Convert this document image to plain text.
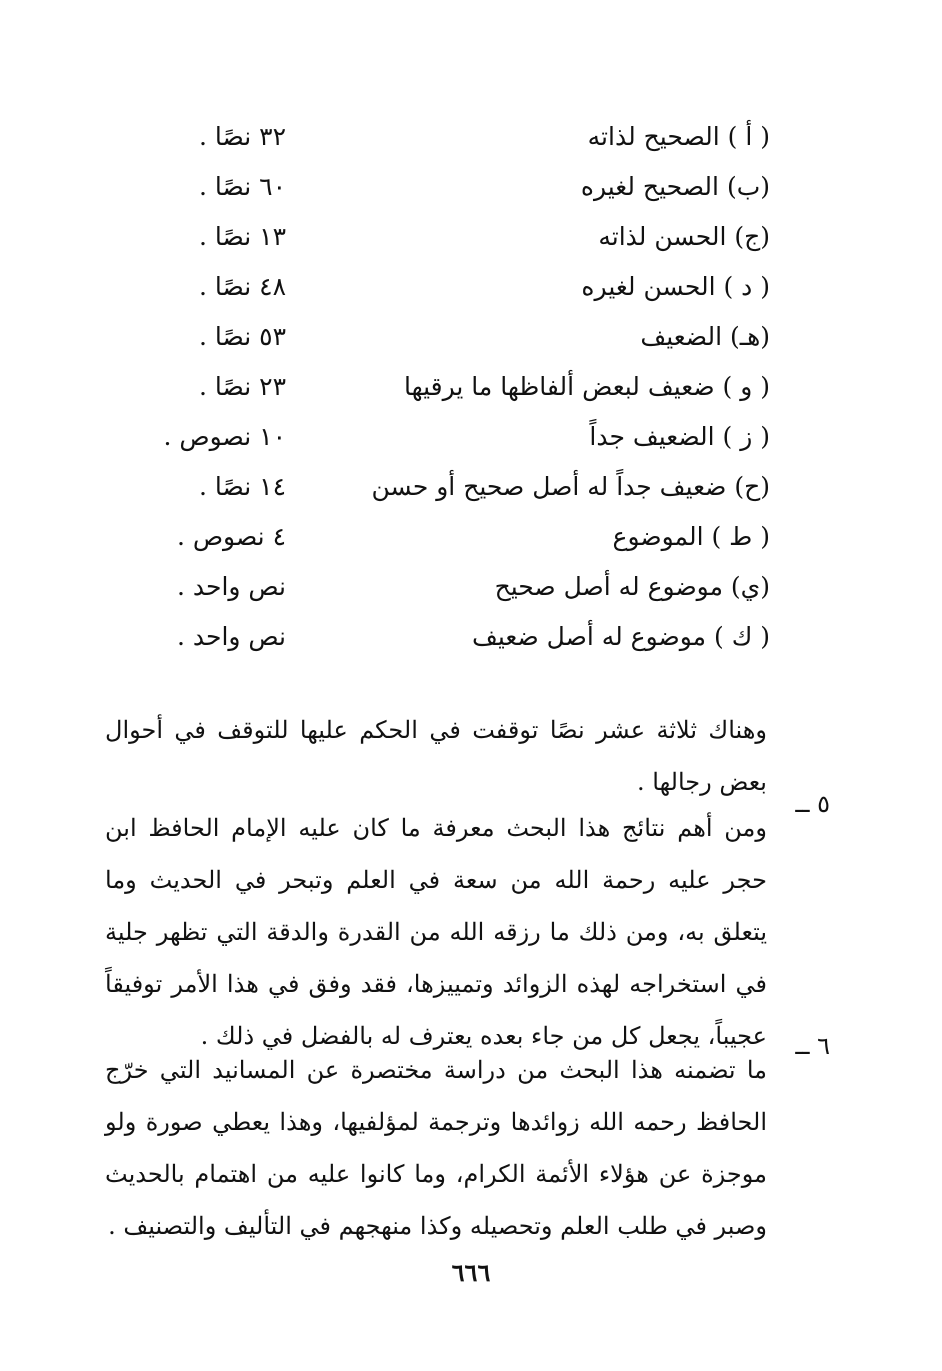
( أ ) الصحيح لذاته
٣٢ نصًا .
(ب) الصحيح لغيره
٦٠ نصًا .
(ج) الحسن لذاته
١٣ نصًا .
( د ) الحسن لغيره
٤٨ نصًا .
(هـ) الضعيف
٥٣ نصًا .
( و ) ضعيف لبعض ألفاظها ما يرقيها
٢٣ نصًا .
( ز ) الضعيف جداً
١٠ نصوص .
(ح) ضعيف جداً له أصل صحيح أو حسن
١٤ نصًا .
( ط ) الموضوع
٤ نصوص .
(ي) موضوع له أصل صحيح
نص واحد .
( ك ) موضوع له أصل ضعيف
نص واحد .

وهناك ثلاثة عشر نصًا توقفت في الحكم عليها للتوقف في أحوال بعض رجالها .

٥ ــ

ومن أهم نتائج هذا البحث معرفة ما كان عليه الإمام الحافظ ابن حجر عليه رحمة الله من سعة في العلم وتبحر في الحديث وما يتعلق به، ومن ذلك ما رزقه الله من القدرة والدقة التي تظهر جلية في استخراجه لهذه الزوائد وتمييزها، فقد وفق في هذا الأمر توفيقاً عجيباً، يجعل كل من جاء بعده يعترف له بالفضل في ذلك . ٦ ــ

ما تضمنه هذا البحث من دراسة مختصرة عن المسانيد التي خرّج الحافظ رحمه الله زوائدها وترجمة لمؤلفيها، وهذا يعطي صورة ولو موجزة عن هؤلاء الأئمة الكرام، وما كانوا عليه من اهتمام بالحديث وصبر في طلب العلم وتحصيله وكذا منهجهم في التأليف والتصنيف .

٦٦٦
